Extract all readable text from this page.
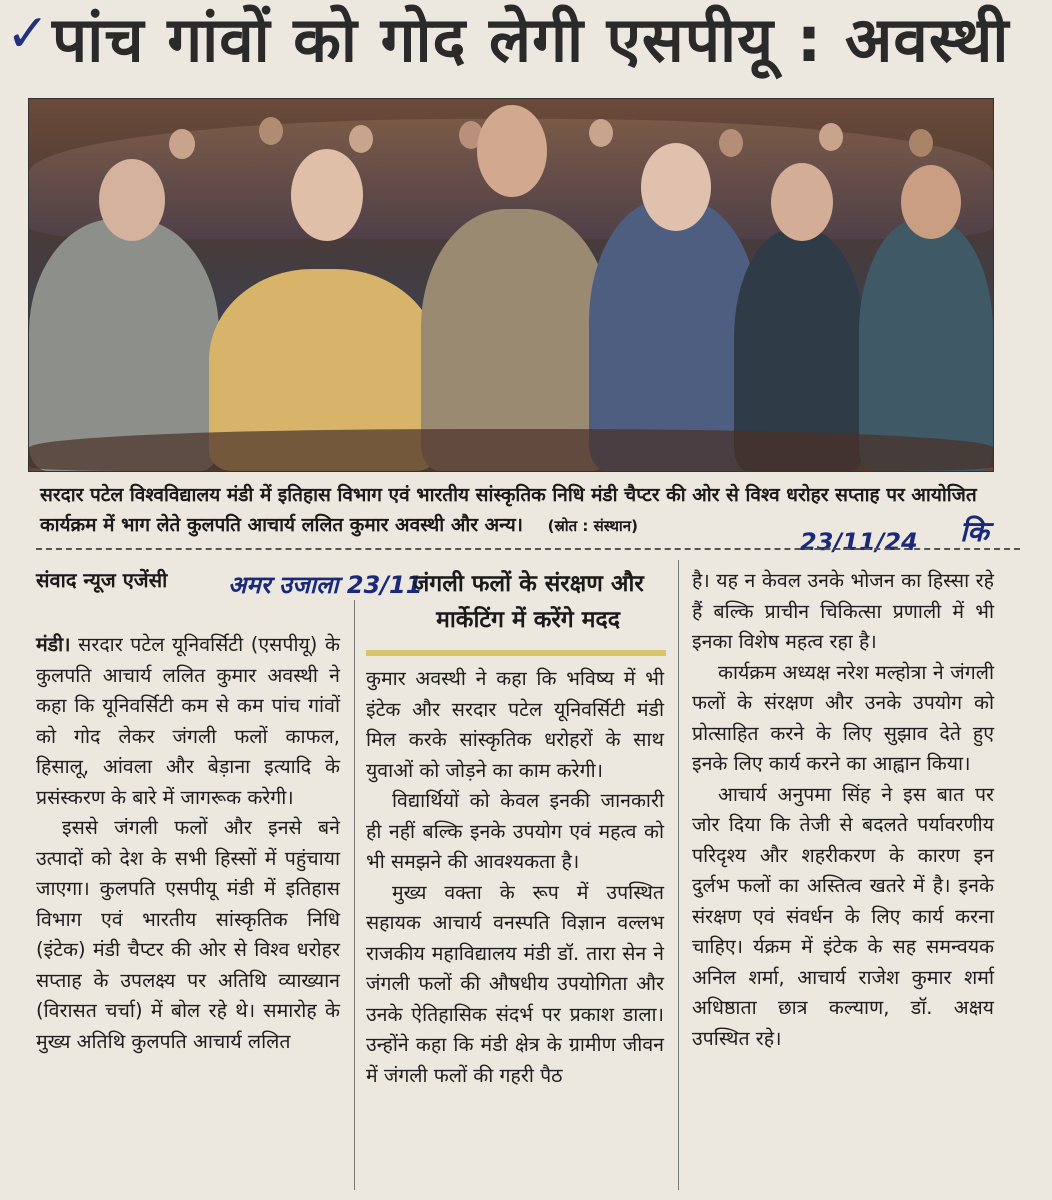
✓ पांच गांवों को गोद लेगी एसपीयू : अवस्थी
सरदार पटेल विश्वविद्यालय मंडी में इतिहास विभाग एवं भारतीय सांस्कृतिक निधि मंडी चैप्टर की ओर से विश्व धरोहर सप्ताह पर आयोजित कार्यक्रम में भाग लेते कुलपति आचार्य ललित कुमार अवस्थी और अन्य। (स्रोत : संस्थान)
23/11/24 कि
संवाद न्यूज एजेंसी	अमर उजाला 23/11
जंगली फलों के संरक्षण और मार्केटिंग में करेंगे मदद

मंडी। सरदार पटेल यूनिवर्सिटी (एसपीयू) के कुलपति आचार्य ललित कुमार अवस्थी ने कहा कि यूनिवर्सिटी कम से कम पांच गांवों को गोद लेकर जंगली फलों काफल, हिसालू, आंवला और बेड़ाना इत्यादि के प्रसंस्करण के बारे में जागरूक करेगी।

इससे जंगली फलों और इनसे बने उत्पादों को देश के सभी हिस्सों में पहुंचाया जाएगा। कुलपति एसपीयू मंडी में इतिहास विभाग एवं भारतीय सांस्कृतिक निधि (इंटेक) मंडी चैप्टर की ओर से विश्व धरोहर सप्ताह के उपलक्ष्य पर अतिथि व्याख्यान (विरासत चर्चा) में बोल रहे थे। समारोह के मुख्य अतिथि कुलपति आचार्य ललित

कुमार अवस्थी ने कहा कि भविष्य में भी इंटेक और सरदार पटेल यूनिवर्सिटी मंडी मिल करके सांस्कृतिक धरोहरों के साथ युवाओं को जोड़ने का काम करेगी।

विद्यार्थियों को केवल इनकी जानकारी ही नहीं बल्कि इनके उपयोग एवं महत्व को भी समझने की आवश्यकता है।

मुख्य वक्ता के रूप में उपस्थित सहायक आचार्य वनस्पति विज्ञान वल्लभ राजकीय महाविद्यालय मंडी डॉ. तारा सेन ने जंगली फलों की औषधीय उपयोगिता और उनके ऐतिहासिक संदर्भ पर प्रकाश डाला। उन्होंने कहा कि मंडी क्षेत्र के ग्रामीण जीवन में जंगली फलों की गहरी पैठ

है। यह न केवल उनके भोजन का हिस्सा रहे हैं बल्कि प्राचीन चिकित्सा प्रणाली में भी इनका विशेष महत्व रहा है।

कार्यक्रम अध्यक्ष नरेश मल्होत्रा ने जंगली फलों के संरक्षण और उनके उपयोग को प्रोत्साहित करने के लिए सुझाव देते हुए इनके लिए कार्य करने का आह्वान किया।

आचार्य अनुपमा सिंह ने इस बात पर जोर दिया कि तेजी से बदलते पर्यावरणीय परिदृश्य और शहरीकरण के कारण इन दुर्लभ फलों का अस्तित्व खतरे में है। इनके संरक्षण एवं संवर्धन के लिए कार्य करना चाहिए। र्यक्रम में इंटेक के सह समन्वयक अनिल शर्मा, आचार्य राजेश कुमार शर्मा अधिष्ठाता छात्र कल्याण, डॉ. अक्षय उपस्थित रहे।
